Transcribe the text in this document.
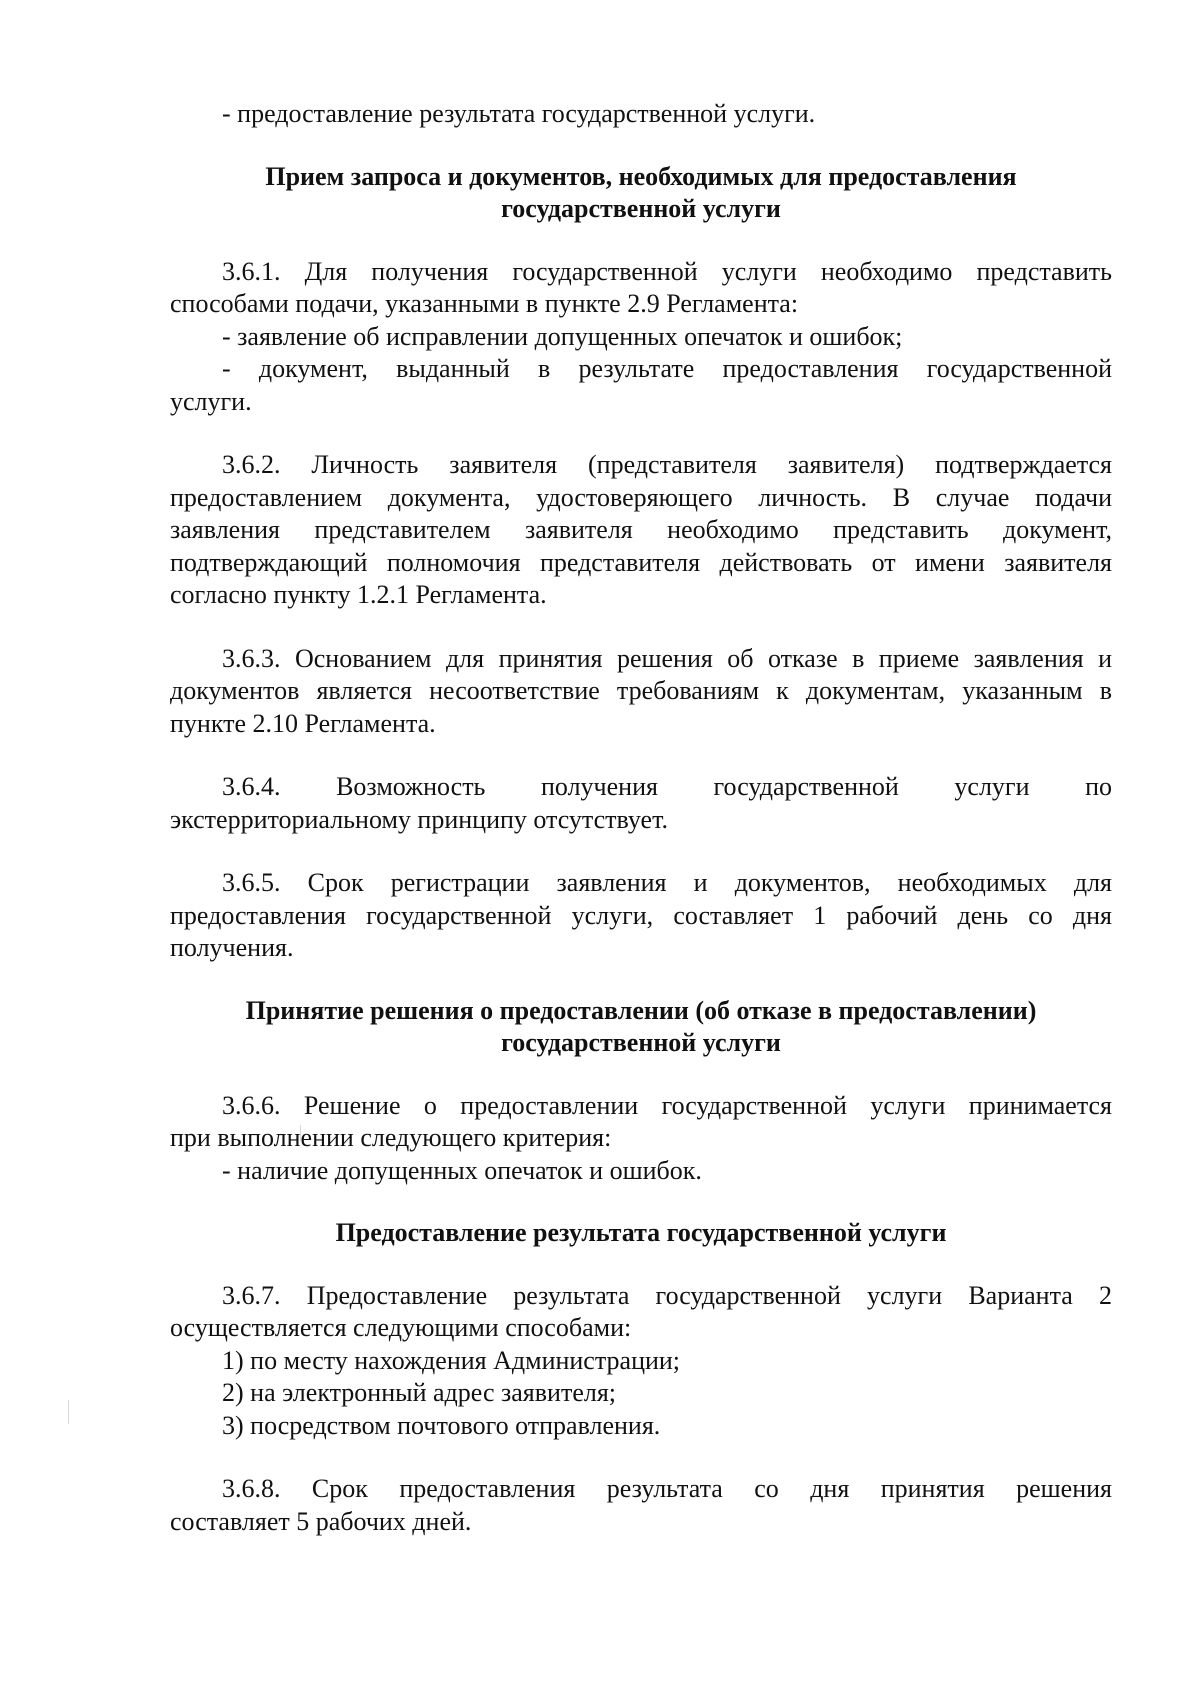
- предоставление результата государственной услуги.
Прием запроса и документов, необходимых для предоставления
государственной услуги
3.6.1. Для получения государственной услуги необходимо представить
способами подачи, указанными в пункте 2.9 Регламента:
- заявление об исправлении допущенных опечаток и ошибок;
- документ, выданный в результате предоставления государственной
услуги.
3.6.2. Личность заявителя (представителя заявителя) подтверждается
предоставлением документа, удостоверяющего личность. В случае подачи
заявления представителем заявителя необходимо представить документ,
подтверждающий полномочия представителя действовать от имени заявителя
согласно пункту 1.2.1 Регламента.
3.6.3. Основанием для принятия решения об отказе в приеме заявления и
документов является несоответствие требованиям к документам, указанным в
пункте 2.10 Регламента.
3.6.4. Возможность получения государственной услуги по
экстерриториальному принципу отсутствует.
3.6.5. Срок регистрации заявления и документов, необходимых для
предоставления государственной услуги, составляет 1 рабочий день со дня
получения.
Принятие решения о предоставлении (об отказе в предоставлении)
государственной услуги
3.6.6. Решение о предоставлении государственной услуги принимается
при выполнении следующего критерия:
- наличие допущенных опечаток и ошибок.
Предоставление результата государственной услуги
3.6.7. Предоставление результата государственной услуги Варианта 2
осуществляется следующими способами:
1) по месту нахождения Администрации;
2) на электронный адрес заявителя;
3) посредством почтового отправления.
3.6.8. Срок предоставления результата со дня принятия решения
составляет 5 рабочих дней.
